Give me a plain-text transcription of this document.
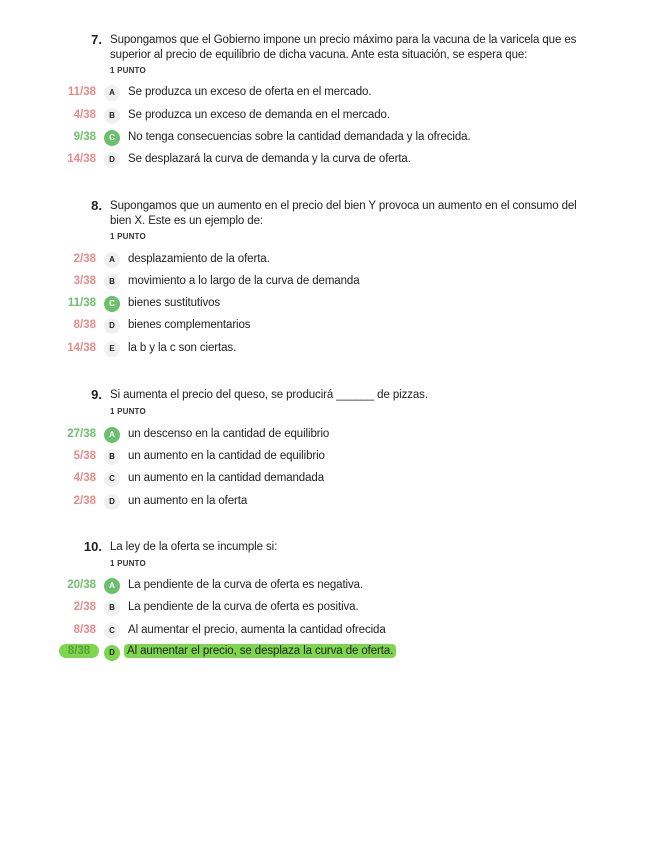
7. Supongamos que el Gobierno impone un precio máximo para la vacuna de la varicela que es superior al precio de equilibrio de dicha vacuna. Ante esta situación, se espera que:
1 PUNTO
11/38	A	Se produzca un exceso de oferta en el mercado.
4/38	B	Se produzca un exceso de demanda en el mercado.
9/38	C	No tenga consecuencias sobre la cantidad demandada y la ofrecida.
14/38	D	Se desplazará la curva de demanda y la curva de oferta.
8. Supongamos que un aumento en el precio del bien Y provoca un aumento en el consumo del bien X. Este es un ejemplo de:
1 PUNTO
2/38	A	desplazamiento de la oferta.
3/38	B	movimiento a lo largo de la curva de demanda
11/38	C	bienes sustitutivos
8/38	D	bienes complementarios
14/38	E	la b y la c son ciertas.
9. Si aumenta el precio del queso, se producirá ______ de pizzas.
1 PUNTO
27/38	A	un descenso en la cantidad de equilibrio
5/38	B	un aumento en la cantidad de equilibrio
4/38	C	un aumento en la cantidad demandada
2/38	D	un aumento en la oferta
10. La ley de la oferta se incumple si:
1 PUNTO
20/38	A	La pendiente de la curva de oferta es negativa.
2/38	B	La pendiente de la curva de oferta es positiva.
8/38	C	Al aumentar el precio, aumenta la cantidad ofrecida
8/38	D	Al aumentar el precio, se desplaza la curva de oferta.
